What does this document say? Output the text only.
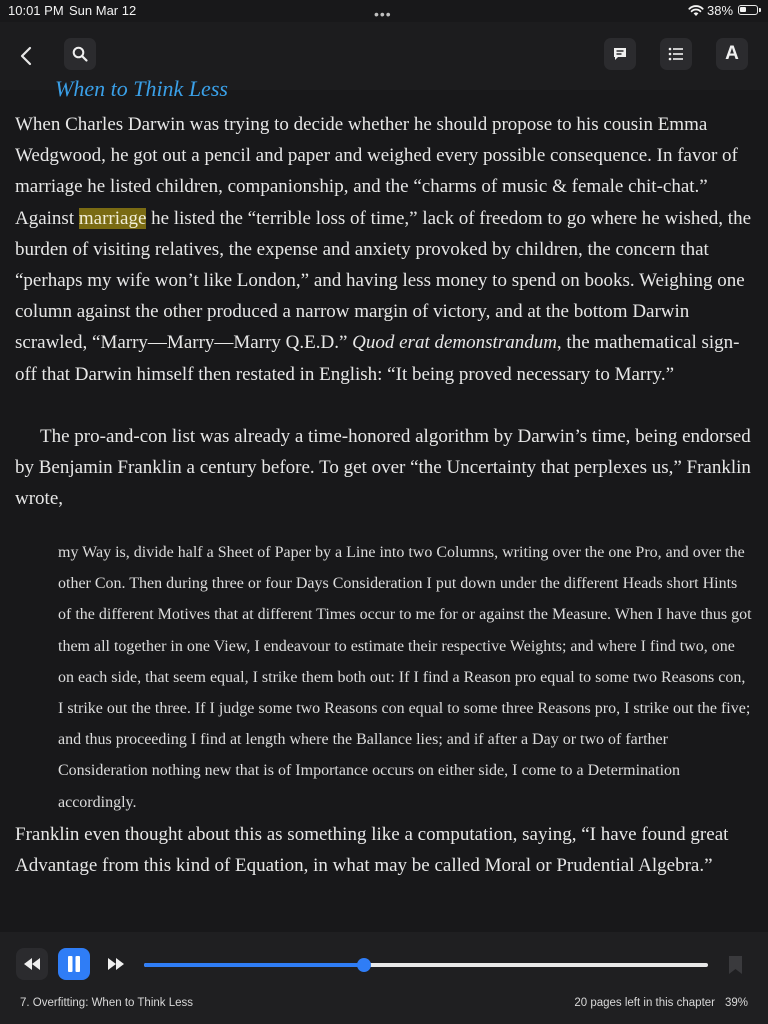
10:01 PM Sun Mar 12	•••	38%
A
When to Think Less

When Charles Darwin was trying to decide whether he should propose to his cousin Emma Wedgwood, he got out a pencil and paper and weighed every possible consequence. In favor of marriage he listed children, companionship, and the “charms of music & female chit-chat.” Against marriage he listed the “terrible loss of time,” lack of freedom to go where he wished, the burden of visiting relatives, the expense and anxiety provoked by children, the concern that “perhaps my wife won’t like London,” and having less money to spend on books. Weighing one column against the other produced a narrow margin of victory, and at the bottom Darwin scrawled, “Marry—Marry—Marry Q.E.D.” Quod erat demonstrandum, the mathematical sign-off that Darwin himself then restated in English: “It being proved necessary to Marry.”

The pro-and-con list was already a time-honored algorithm by Darwin’s time, being endorsed by Benjamin Franklin a century before. To get over “the Uncertainty that perplexes us,” Franklin wrote,

my Way is, divide half a Sheet of Paper by a Line into two Columns, writing over the one Pro, and over the other Con. Then during three or four Days Consideration I put down under the different Heads short Hints of the different Motives that at different Times occur to me for or against the Measure. When I have thus got them all together in one View, I endeavour to estimate their respective Weights; and where I find two, one on each side, that seem equal, I strike them both out: If I find a Reason pro equal to some two Reasons con, I strike out the three. If I judge some two Reasons con equal to some three Reasons pro, I strike out the five; and thus proceeding I find at length where the Ballance lies; and if after a Day or two of farther Consideration nothing new that is of Importance occurs on either side, I come to a Determination accordingly.

Franklin even thought about this as something like a computation, saying, “I have found great Advantage from this kind of Equation, in what may be called Moral or Prudential Algebra.”

7. Overfitting: When to Think Less	20 pages left in this chapter 39%
